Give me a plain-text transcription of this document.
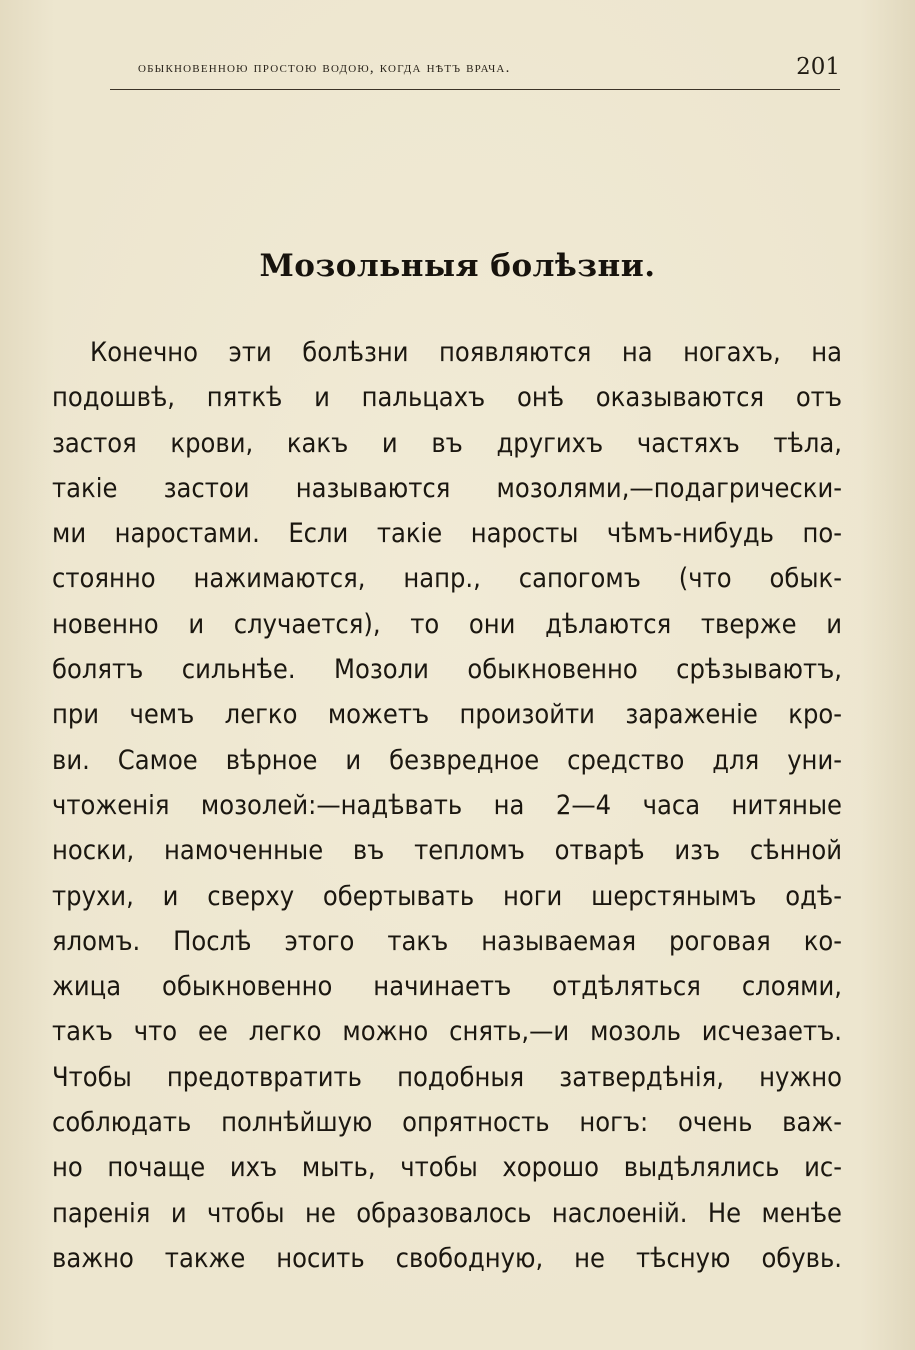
обыкновенною простою водою, когда нѣтъ врача.	201
Мозольныя болѣзни.
Конечно эти болѣзни появляются на ногахъ, на
подошвѣ, пяткѣ и пальцахъ онѣ оказываются отъ
застоя крови, какъ и въ другихъ частяхъ тѣла,
такіе застои называются мозолями,—подагрически-
ми наростами. Если такіе наросты чѣмъ-нибудь по-
стоянно нажимаются, напр., сапогомъ (что обык-
новенно и случается), то они дѣлаются тверже и
болятъ сильнѣе. Мозоли обыкновенно срѣзываютъ,
при чемъ легко можетъ произойти зараженіе кро-
ви. Самое вѣрное и безвредное средство для уни-
чтоженія мозолей:—надѣвать на 2—4 часа нитяные
носки, намоченные въ тепломъ отварѣ изъ сѣнной
трухи, и сверху обертывать ноги шерстянымъ одѣ-
яломъ. Послѣ этого такъ называемая роговая ко-
жица обыкновенно начинаетъ отдѣляться слоями,
такъ что ее легко можно снять,—и мозоль исчезаетъ.
Чтобы предотвратить подобныя затвердѣнія, нужно
соблюдать полнѣйшую опрятность ногъ: очень важ-
но почаще ихъ мыть, чтобы хорошо выдѣлялись ис-
паренія и чтобы не образовалось наслоеній. Не менѣе
важно также носить свободную, не тѣсную обувь.
